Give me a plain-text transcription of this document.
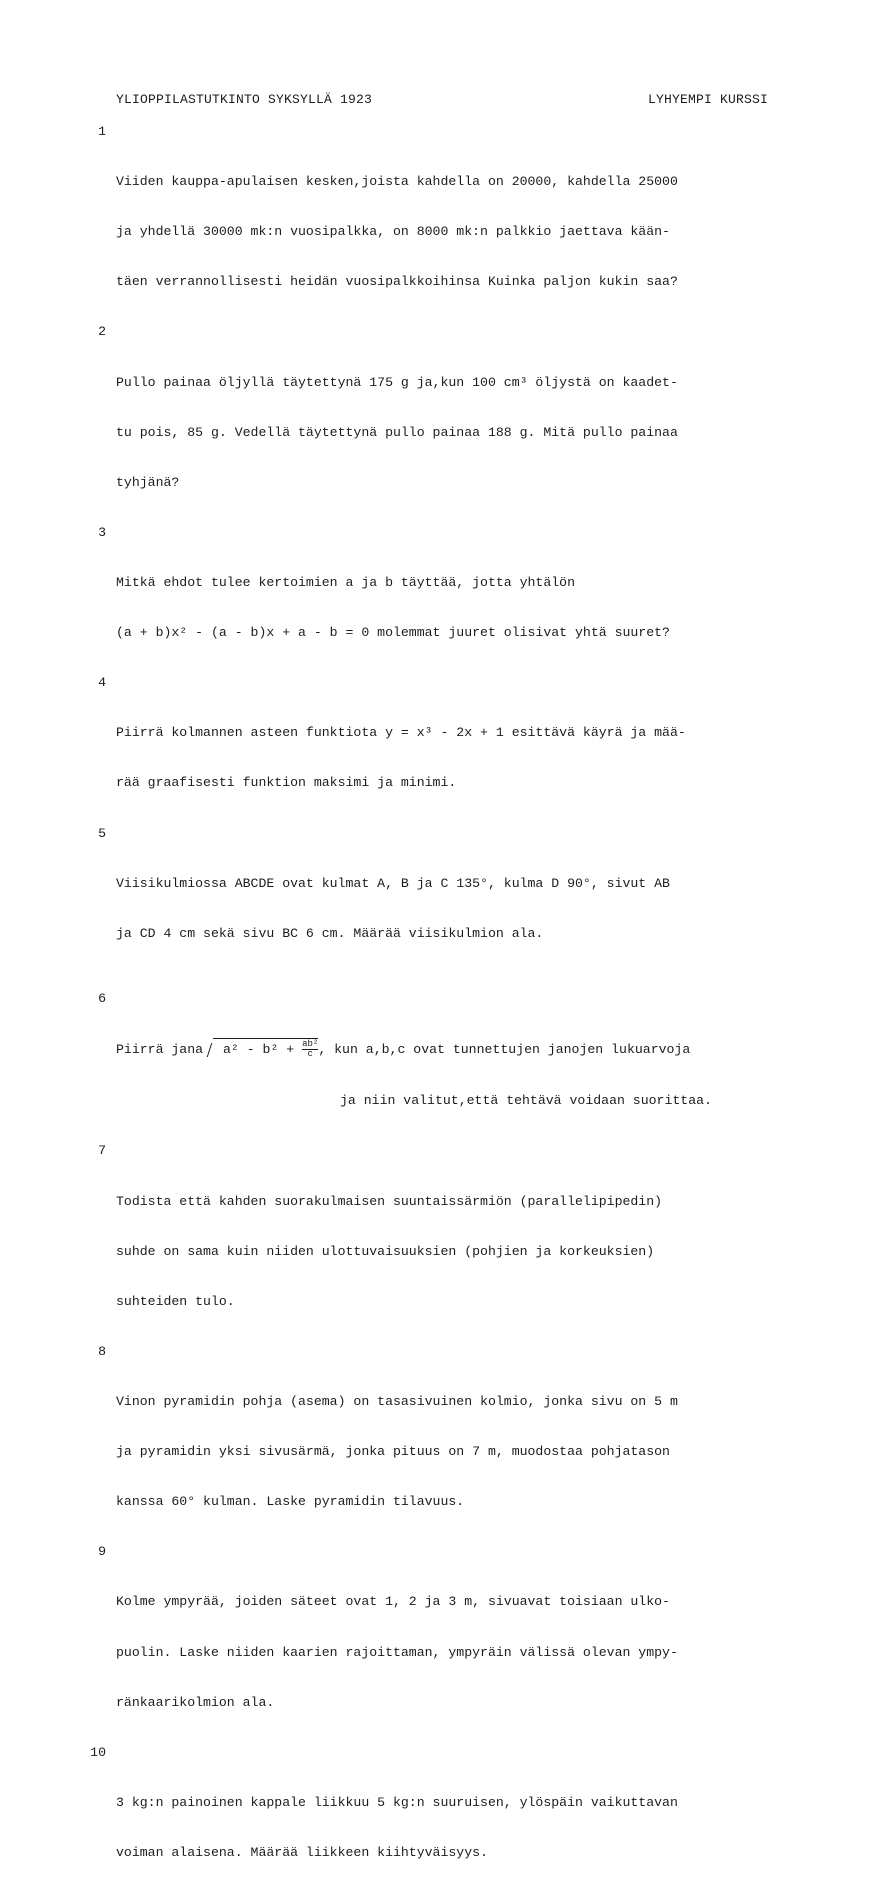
YLIOPPILASTUTKINTO SYKSYLLÄ 1923	LYHYEMPI KURSSI

1

Viiden kauppa-apulaisen kesken,joista kahdella on 20000, kahdella 25000

ja yhdellä 30000 mk:n vuosipalkka, on 8000 mk:n palkkio jaettava kään-

täen verrannollisesti heidän vuosipalkkoihinsa Kuinka paljon kukin saa?

2

Pullo painaa öljyllä täytettynä 175 g ja,kun 100 cm³ öljystä on kaadet-

tu pois, 85 g. Vedellä täytettynä pullo painaa 188 g. Mitä pullo painaa

tyhjänä?

3

Mitkä ehdot tulee kertoimien a ja b täyttää, jotta yhtälön

(a + b)x² - (a - b)x + a - b = 0 molemmat juuret olisivat yhtä suuret?

4

Piirrä kolmannen asteen funktiota y = x³ - 2x + 1 esittävä käyrä ja mää-

rää graafisesti funktion maksimi ja minimi.

5

Viisikulmiossa ABCDE ovat kulmat A, B ja C 135°, kulma D 90°, sivut AB

ja CD 4 cm sekä sivu BC 6 cm. Määrää viisikulmion ala.

6

Piirrä jana $a^2 - b^2 + \frac{\text{ab²}}{c}$ , kun a,b,c ovat tunnettujen janojen lukuarvoja

ja niin valitut,että tehtävä voidaan suorittaa.

7

Todista että kahden suorakulmaisen suuntaissärmiön (parallelipipedin)

suhde on sama kuin niiden ulottuvaisuuksien (pohjien ja korkeuksien)

suhteiden tulo.

8

Vinon pyramidin pohja (asema) on tasasivuinen kolmio, jonka sivu on 5 m

ja pyramidin yksi sivusärmä, jonka pituus on 7 m, muodostaa pohjatason

kanssa 60° kulman. Laske pyramidin tilavuus.

9

Kolme ympyrää, joiden säteet ovat 1, 2 ja 3 m, sivuavat toisiaan ulko-

puolin. Laske niiden kaarien rajoittaman, ympyräin välissä olevan ympy-

ränkaarikolmion ala.

10

3 kg:n painoinen kappale liikkuu 5 kg:n suuruisen, ylöspäin vaikuttavan

voiman alaisena. Määrää liikkeen kiihtyväisyys.
